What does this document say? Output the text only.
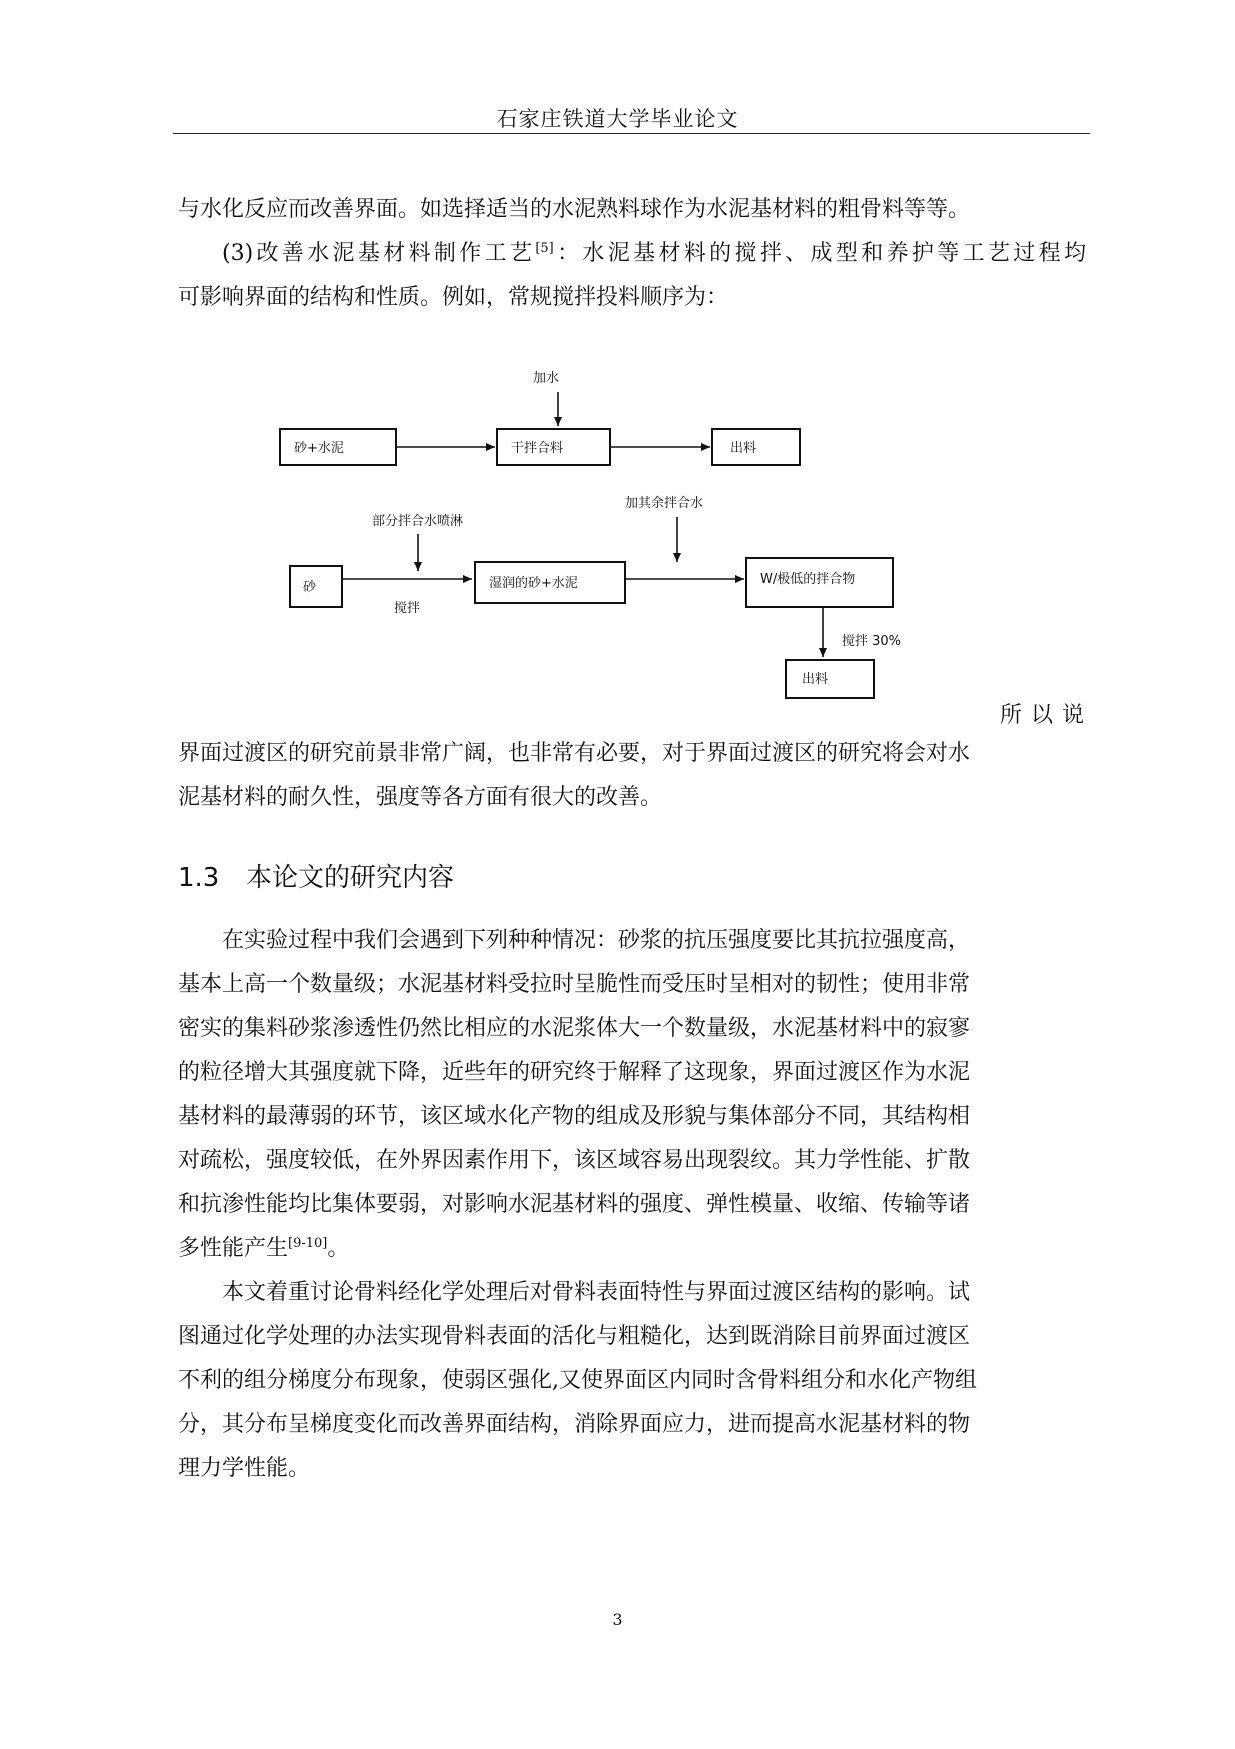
石家庄铁道大学毕业论文
与水化反应而改善界面。如选择适当的水泥熟料球作为水泥基材料的粗骨料等等。
(3)改善水泥基材料制作工艺[5]：水泥基材料的搅拌、成型和养护等工艺过程均
可影响界面的结构和性质。例如，常规搅拌投料顺序为：
加水
砂+水泥	干拌合料	出料
加其余拌合水
部分拌合水喷淋
砂
搅拌
湿润的砂+水泥	W/极低的拌合物
搅拌 30%
出料
所以说
界面过渡区的研究前景非常广阔，也非常有必要，对于界面过渡区的研究将会对水
泥基材料的耐久性，强度等各方面有很大的改善。
1.3 本论文的研究内容
在实验过程中我们会遇到下列种种情况：砂浆的抗压强度要比其抗拉强度高，
基本上高一个数量级；水泥基材料受拉时呈脆性而受压时呈相对的韧性；使用非常
密实的集料砂浆渗透性仍然比相应的水泥浆体大一个数量级，水泥基材料中的寂寥
的粒径增大其强度就下降，近些年的研究终于解释了这现象，界面过渡区作为水泥
基材料的最薄弱的环节，该区域水化产物的组成及形貌与集体部分不同，其结构相
对疏松，强度较低，在外界因素作用下，该区域容易出现裂纹。其力学性能、扩散
和抗渗性能均比集体要弱，对影响水泥基材料的强度、弹性模量、收缩、传输等诸
多性能产生[9-10]。
本文着重讨论骨料经化学处理后对骨料表面特性与界面过渡区结构的影响。试
图通过化学处理的办法实现骨料表面的活化与粗糙化，达到既消除目前界面过渡区
不利的组分梯度分布现象，使弱区强化,又使界面区内同时含骨料组分和水化产物组
分，其分布呈梯度变化而改善界面结构，消除界面应力，进而提高水泥基材料的物
理力学性能。
3
